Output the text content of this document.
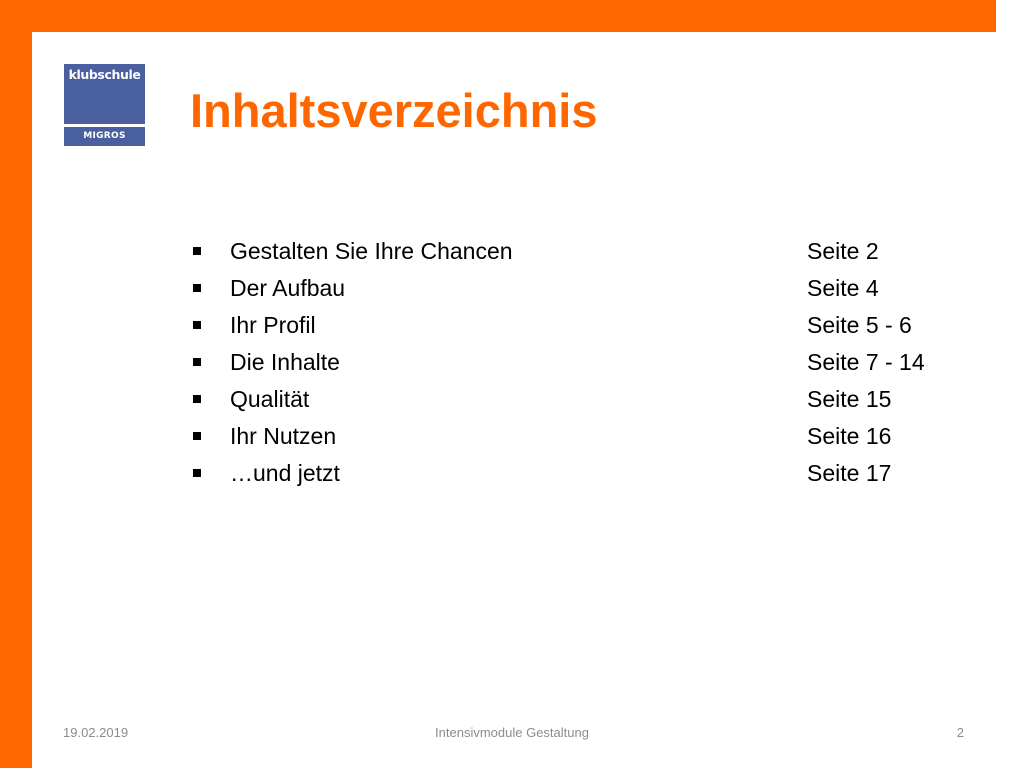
klubschule
MIGROS	Inhaltsverzeichnis
Gestalten Sie Ihre Chancen	Seite 2
Der Aufbau	Seite 4
Ihr Profil	Seite 5 - 6
Die Inhalte	Seite 7 - 14
Qualität	Seite 15
Ihr Nutzen	Seite 16
…und jetzt	Seite 17
19.02.2019	Intensivmodule Gestaltung	2
